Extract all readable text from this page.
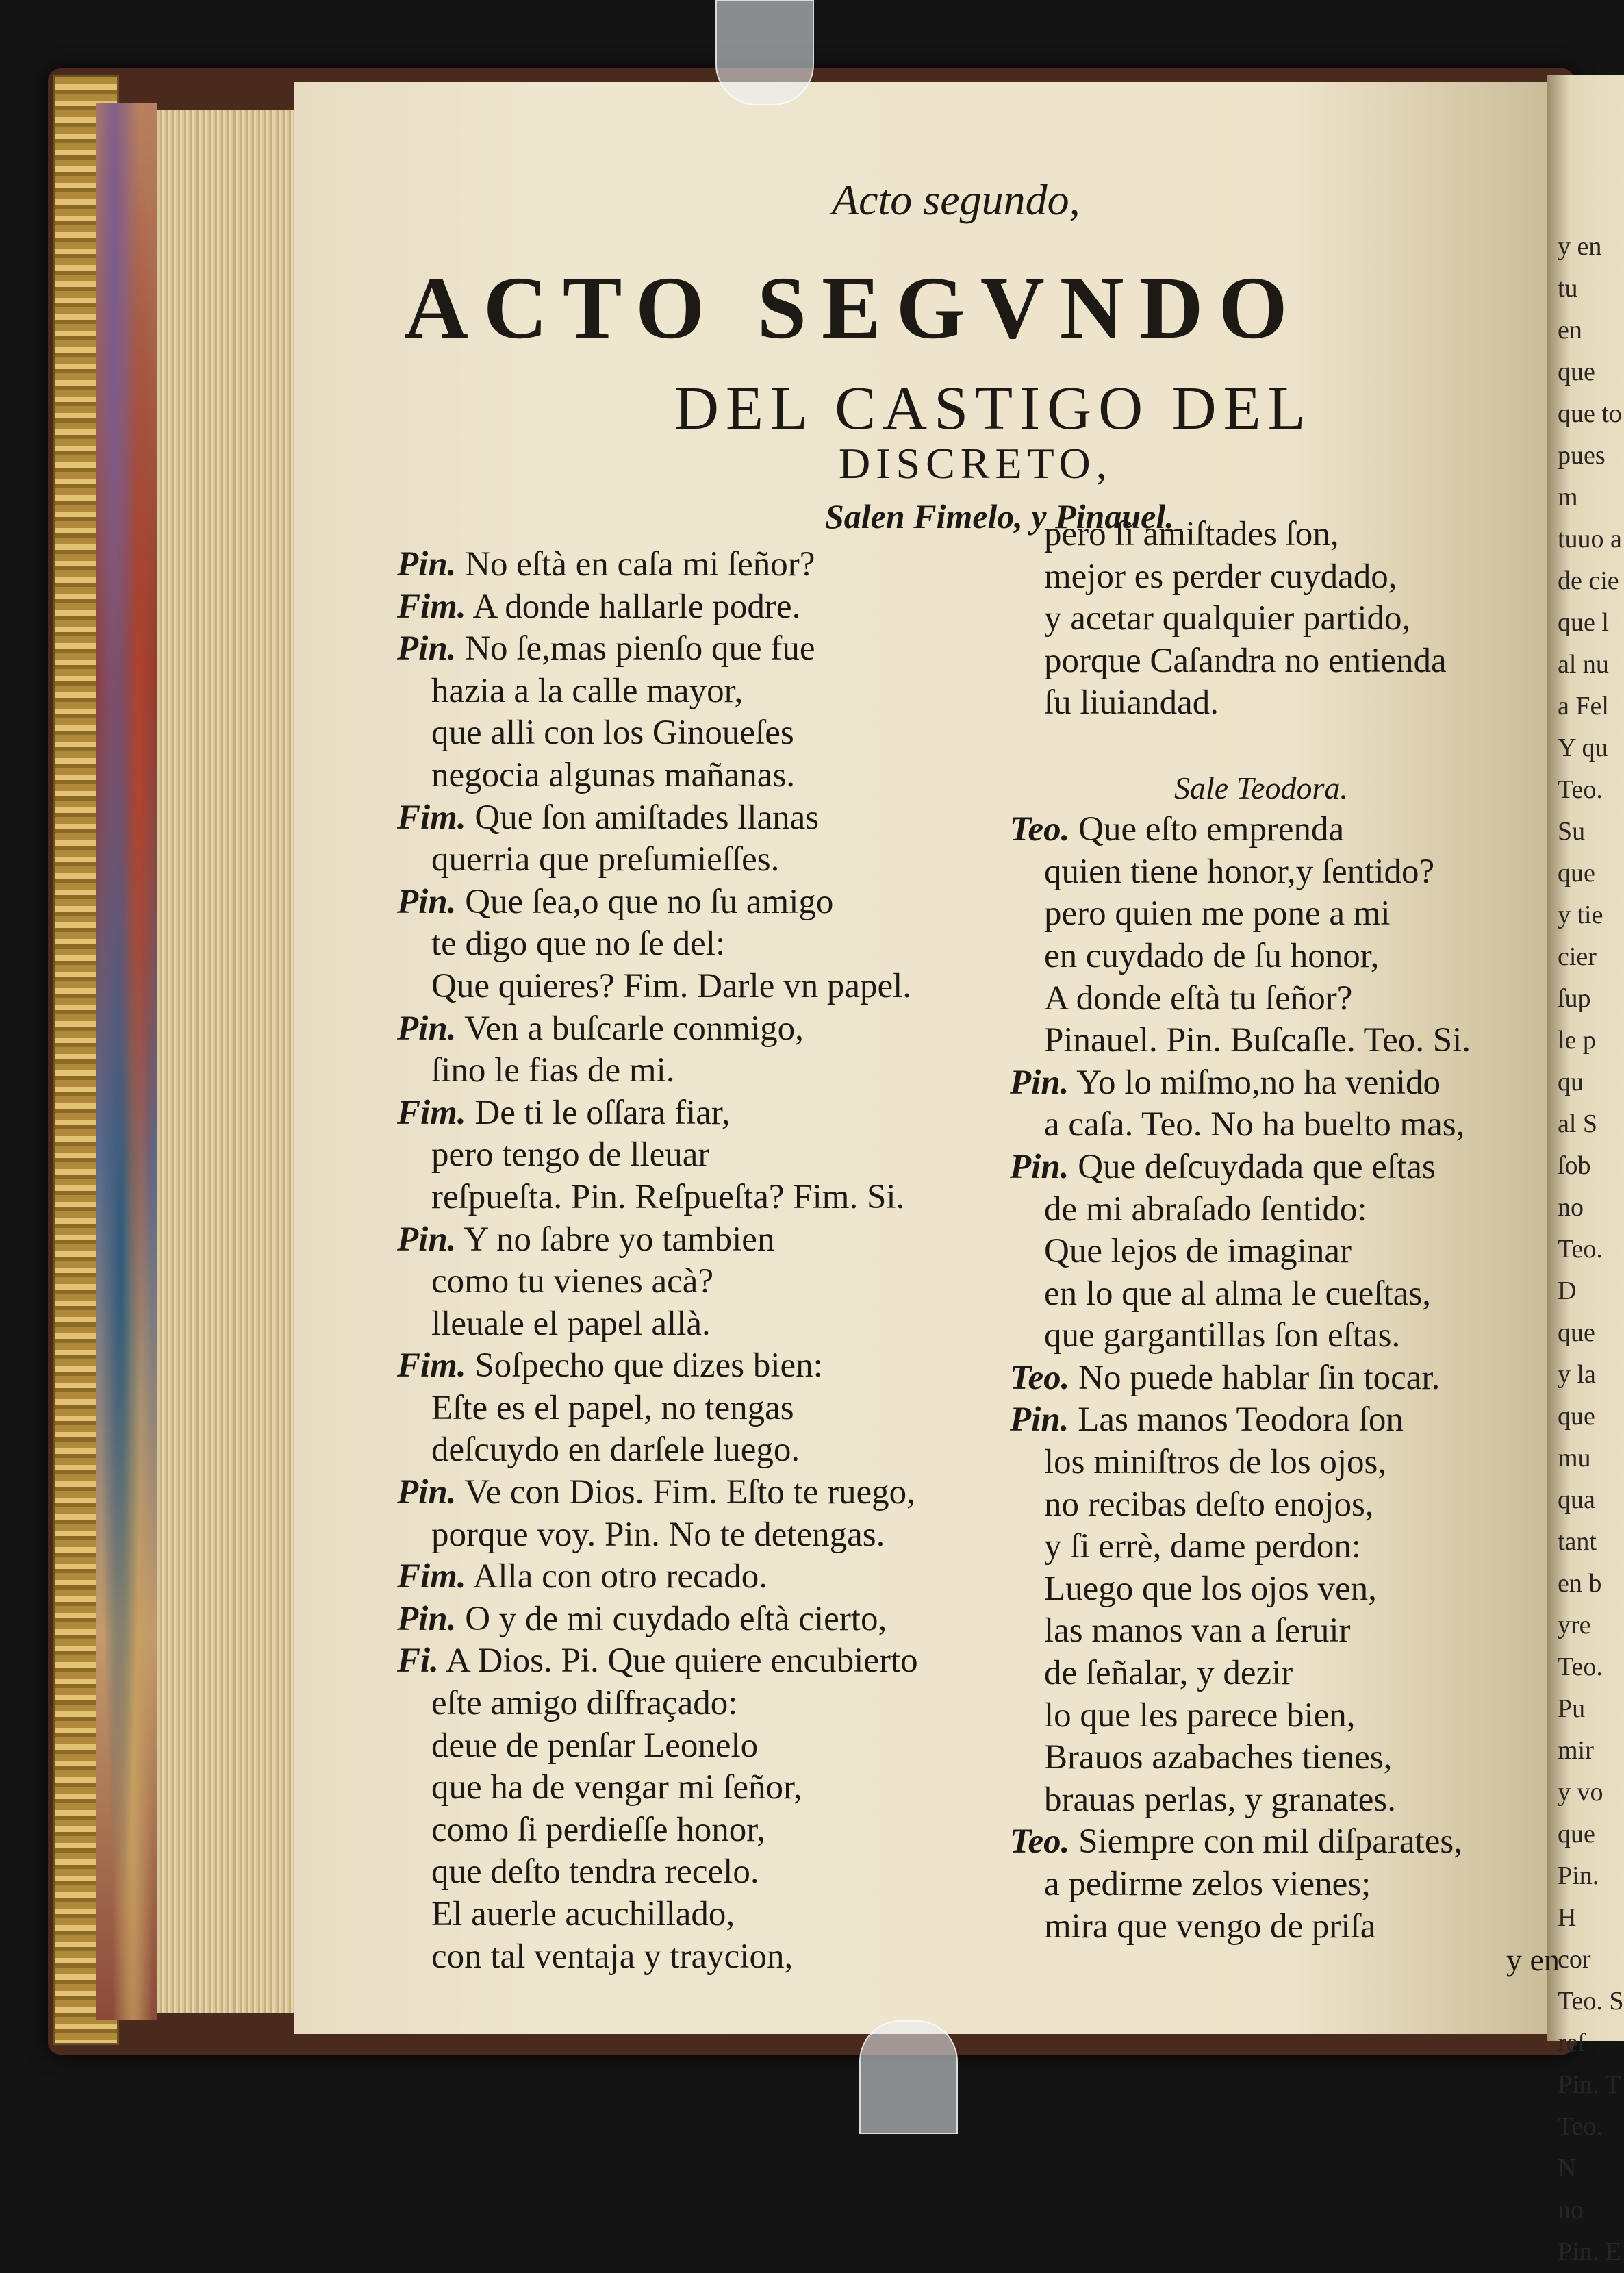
Acto segundo,
ACTO SEGVNDO
DEL CASTIGO DEL
DISCRETO,
Salen Fimelo, y Pinauel.
Pin. No eſtà en caſa mi ſeñor?
Fim. A donde hallarle podre.
Pin. No ſe,mas pienſo que fue
hazia a la calle mayor,
que alli con los Ginoueſes
negocia algunas mañanas.
Fim. Que ſon amiſtades llanas
querria que preſumieſſes.
Pin. Que ſea,o que no ſu amigo
te digo que no ſe del:
Que quieres? Fim. Darle vn papel.
Pin. Ven a buſcarle conmigo,
ſino le fias de mi.
Fim. De ti le oſſara fiar,
pero tengo de lleuar
reſpueſta. Pin. Reſpueſta? Fim. Si.
Pin. Y no ſabre yo tambien
como tu vienes acà?
lleuale el papel allà.
Fim. Soſpecho que dizes bien:
Eſte es el papel, no tengas
deſcuydo en darſele luego.
Pin. Ve con Dios. Fim. Eſto te ruego,
porque voy. Pin. No te detengas.
Fim. Alla con otro recado.
Pin. O y de mi cuydado eſtà cierto,
Fi. A Dios. Pi. Que quiere encubierto
eſte amigo diſfraçado:
deue de penſar Leonelo
que ha de vengar mi ſeñor,
como ſi perdieſſe honor,
que deſto tendra recelo.
El auerle acuchillado,
con tal ventaja y traycion,
pero ſi amiſtades ſon,
mejor es perder cuydado,
y acetar qualquier partido,
porque Caſandra no entienda
ſu liuiandad.
Sale Teodora.
Teo. Que eſto emprenda
quien tiene honor,y ſentido?
pero quien me pone a mi
en cuydado de ſu honor,
A donde eſtà tu ſeñor?
Pinauel. Pin. Buſcaſle. Teo. Si.
Pin. Yo lo miſmo,no ha venido
a caſa. Teo. No ha buelto mas,
Pin. Que deſcuydada que eſtas
de mi abraſado ſentido:
Que lejos de imaginar
en lo que al alma le cueſtas,
que gargantillas ſon eſtas.
Teo. No puede hablar ſin tocar.
Pin. Las manos Teodora ſon
los miniſtros de los ojos,
no recibas deſto enojos,
y ſi errè, dame perdon:
Luego que los ojos ven,
las manos van a ſeruir
de ſeñalar, y dezir
lo que les parece bien,
Brauos azabaches tienes,
brauas perlas, y granates.
Teo. Siempre con mil diſparates,
a pedirme zelos vienes;
mira que vengo de priſa
y en
y en tu
en que
que to
pues m
tuuo a
de cie
que l
al nu
a Fel
Y qu
Teo. Su
que
y tie
cier
ſup
le p
qu
al S
ſob
no
Teo. D
que
y la
que
mu
qua
tant
en b
yre
Teo. Pu
mir
y vo
que
Pin. H
cor
Teo. S
reſ
Pin. T
Teo. N
no
Pin. E
